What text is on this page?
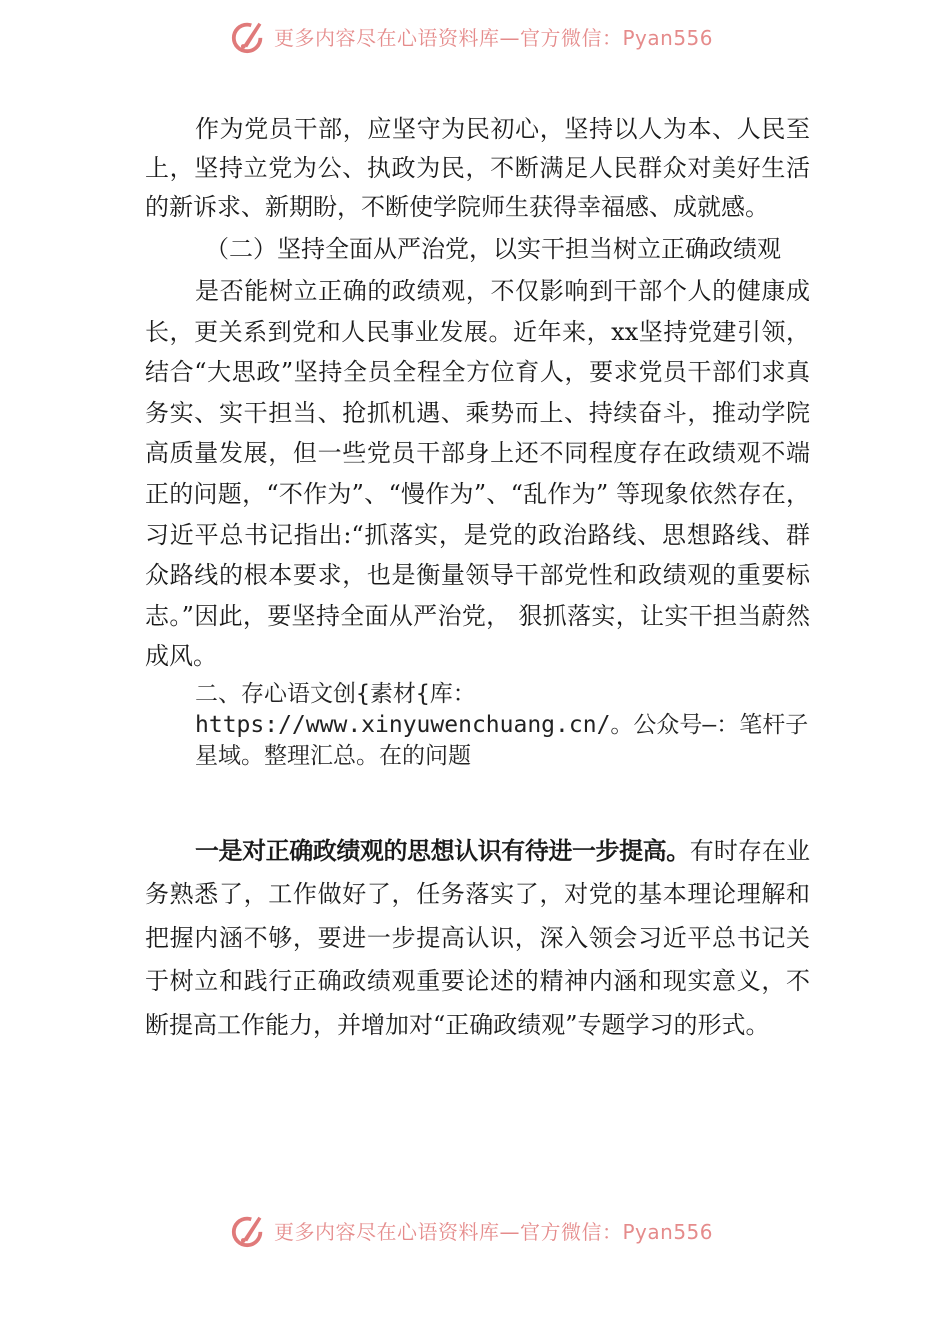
更多内容尽在心语资料库—官方微信：Pyan556

作为党员干部，应坚守为民初心，坚持以人为本、人民至上，坚持立党为公、执政为民，不断满足人民群众对美好生活的新诉求、新期盼，不断使学院师生获得幸福感、成就感。

（二）坚持全面从严治党，以实干担当树立正确政绩观

是否能树立正确的政绩观，不仅影响到干部个人的健康成长，更关系到党和人民事业发展。近年来，xx坚持党建引领，结合“大思政”坚持全员全程全方位育人，要求党员干部们求真务实、实干担当、抢抓机遇、乘势而上、持续奋斗，推动学院高质量发展，但一些党员干部身上还不同程度存在政绩观不端正的问题，“不作为”、“慢作为”、“乱作为” 等现象依然存在，习近平总书记指出:“抓落实，是党的政治路线、思想路线、群众路线的根本要求，也是衡量领导干部党性和政绩观的重要标志。”因此，要坚持全面从严治党， 狠抓落实，让实干担当蔚然成风。

二、存心语文创{素材{库：https://www.xinyuwenchuang.cn/。公众号—：笔杆子星域。整理汇总。在的问题

一是对正确政绩观的思想认识有待进一步提高。有时存在业务熟悉了，工作做好了，任务落实了，对党的基本理论理解和把握内涵不够，要进一步提高认识，深入领会习近平总书记关于树立和践行正确政绩观重要论述的精神内涵和现实意义，不断提高工作能力，并增加对“正确政绩观”专题学习的形式。

更多内容尽在心语资料库—官方微信：Pyan556
